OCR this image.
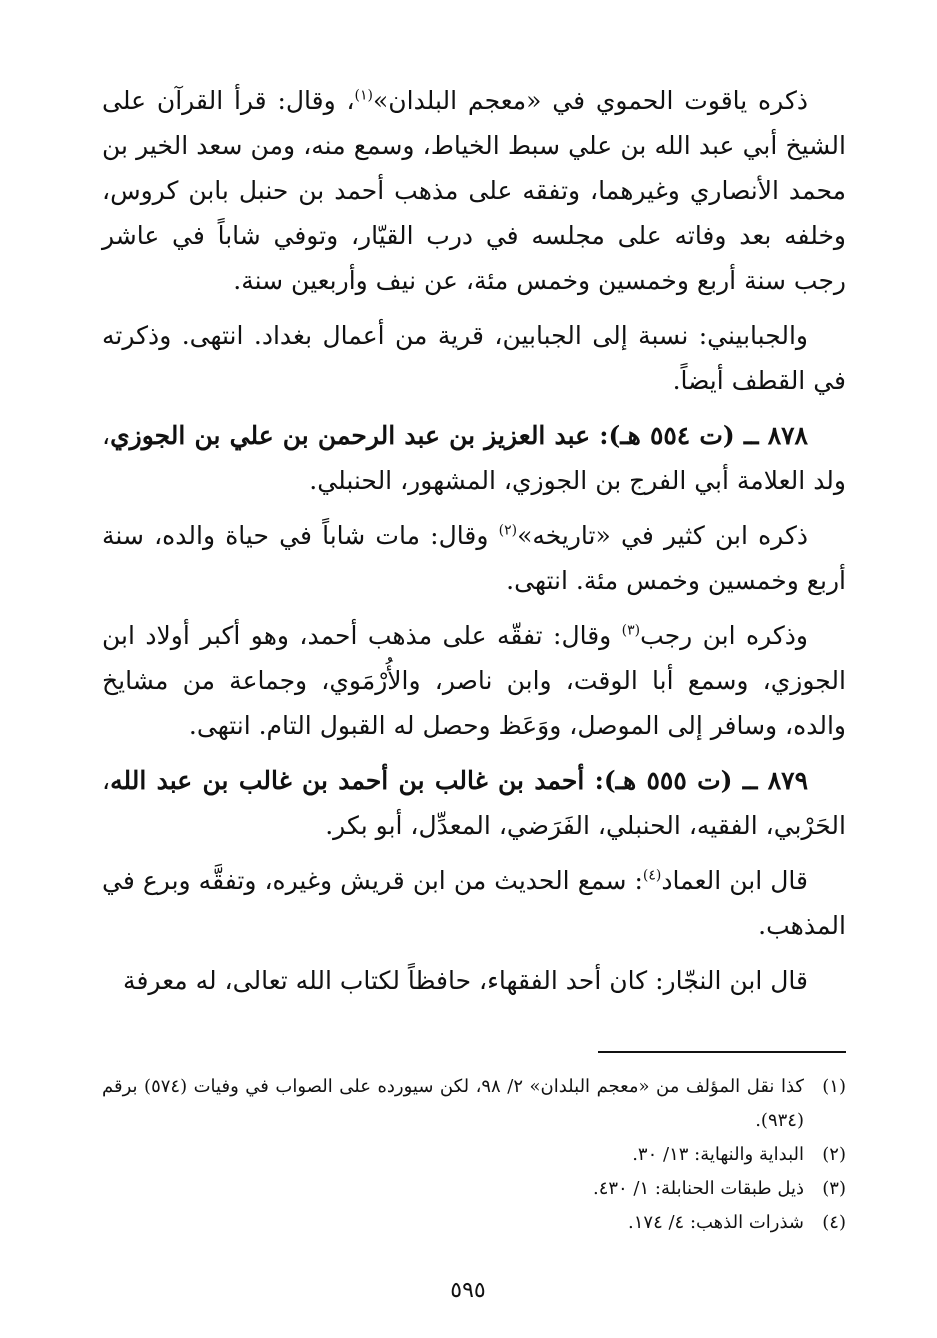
ذكره ياقوت الحموي في «معجم البلدان»$^{(١)}$، وقال: قرأ القرآن على الشيخ أبي عبد الله بن علي سبط الخياط، وسمع منه، ومن سعد الخير بن محمد الأنصاري وغيرهما، وتفقه على مذهب أحمد بن حنبل بابن كروس، وخلفه بعد وفاته على مجلسه في درب القيّار، وتوفي شاباً في عاشر رجب سنة أربع وخمسين وخمس مئة، عن نيف وأربعين سنة.

والجبابيني: نسبة إلى الجبابين، قرية من أعمال بغداد. انتهى. وذكرته في القطف أيضاً.

٨٧٨ ــ (ت ٥٥٤ هـ): عبد العزيز بن عبد الرحمن بن علي بن الجوزي، ولد العلامة أبي الفرج بن الجوزي، المشهور، الحنبلي.

ذكره ابن كثير في «تاريخه»$^{(٢)}$ وقال: مات شاباً في حياة والده، سنة أربع وخمسين وخمس مئة. انتهى.

وذكره ابن رجب$^{(٣)}$ وقال: تفقّه على مذهب أحمد، وهو أكبر أولاد ابن الجوزي، وسمع أبا الوقت، وابن ناصر، والأُرْمَوي، وجماعة من مشايخ والده، وسافر إلى الموصل، ووَعَظ وحصل له القبول التام. انتهى.

٨٧٩ ــ (ت ٥٥٥ هـ): أحمد بن غالب بن أحمد بن غالب بن عبد الله، الحَرْبي، الفقيه، الحنبلي، الفَرَضي، المعدِّل، أبو بكر.

قال ابن العماد$^{(٤)}$: سمع الحديث من ابن قريش وغيره، وتفقَّه وبرع في المذهب.

قال ابن النجّار: كان أحد الفقهاء، حافظاً لكتاب الله تعالى، له معرفة

(١)
كذا نقل المؤلف من «معجم البلدان» ٢/ ٩٨، لكن سيورده على الصواب في وفيات (٥٧٤) برقم (٩٣٤).
(٢)
البداية والنهاية: ١٣/ ٣٠.
(٣)
ذيل طبقات الحنابلة: ١/ ٤٣٠.
(٤)
شذرات الذهب: ٤/ ١٧٤.
٥٩٥
